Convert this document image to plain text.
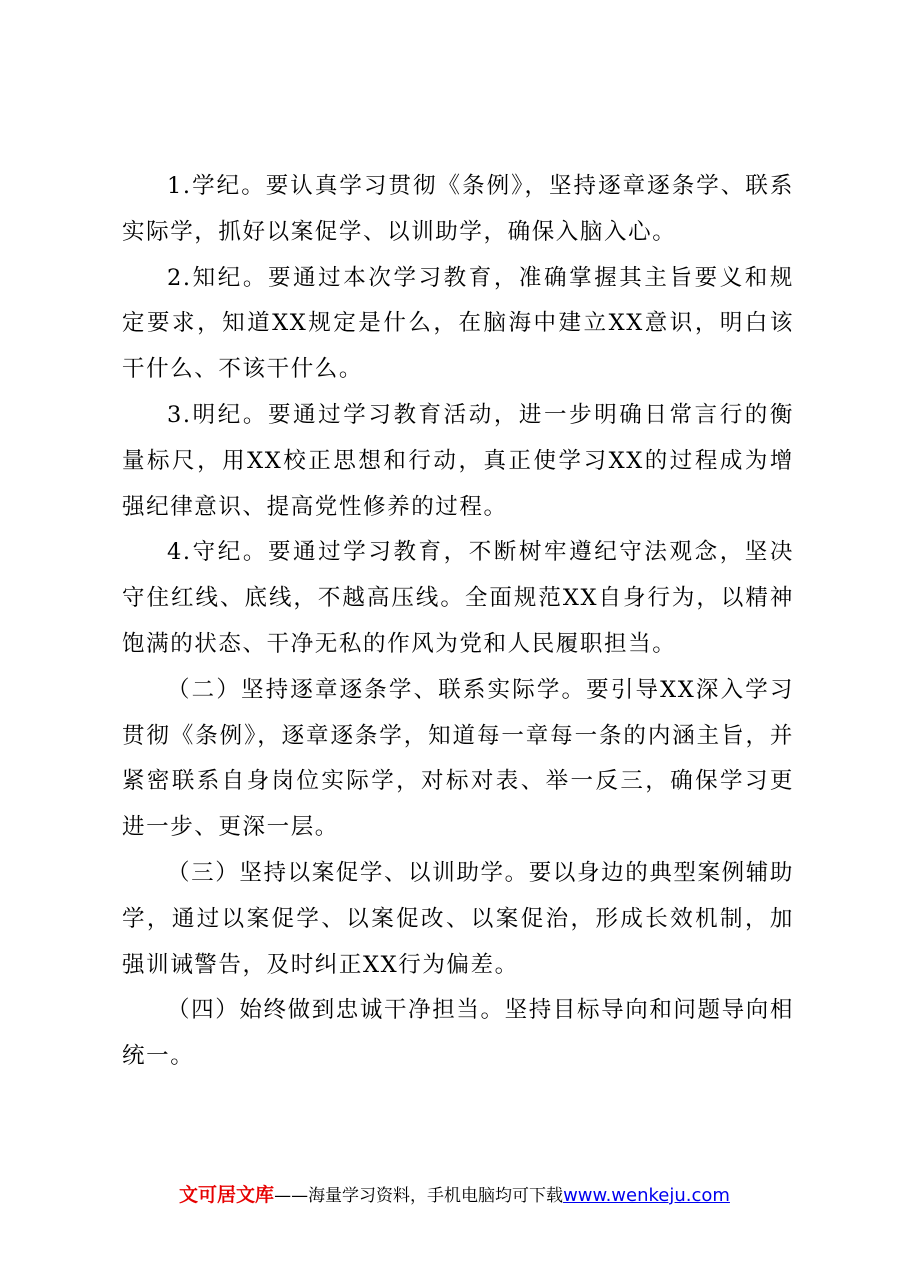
1.学纪。要认真学习贯彻《条例》，坚持逐章逐条学、联系实际学，抓好以案促学、以训助学，确保入脑入心。

2.知纪。要通过本次学习教育，准确掌握其主旨要义和规定要求，知道XX规定是什么，在脑海中建立XX意识，明白该干什么、不该干什么。

3.明纪。要通过学习教育活动，进一步明确日常言行的衡量标尺，用XX校正思想和行动，真正使学习XX的过程成为增强纪律意识、提高党性修养的过程。

4.守纪。要通过学习教育，不断树牢遵纪守法观念，坚决守住红线、底线，不越高压线。全面规范XX自身行为，以精神饱满的状态、干净无私的作风为党和人民履职担当。

（二）坚持逐章逐条学、联系实际学。要引导XX深入学习贯彻《条例》，逐章逐条学，知道每一章每一条的内涵主旨，并紧密联系自身岗位实际学，对标对表、举一反三，确保学习更进一步、更深一层。

（三）坚持以案促学、以训助学。要以身边的典型案例辅助学，通过以案促学、以案促改、以案促治，形成长效机制，加强训诫警告，及时纠正XX行为偏差。

（四）始终做到忠诚干净担当。坚持目标导向和问题导向相统一。

文可居文库——海量学习资料，手机电脑均可下载www.wenkeju.com
